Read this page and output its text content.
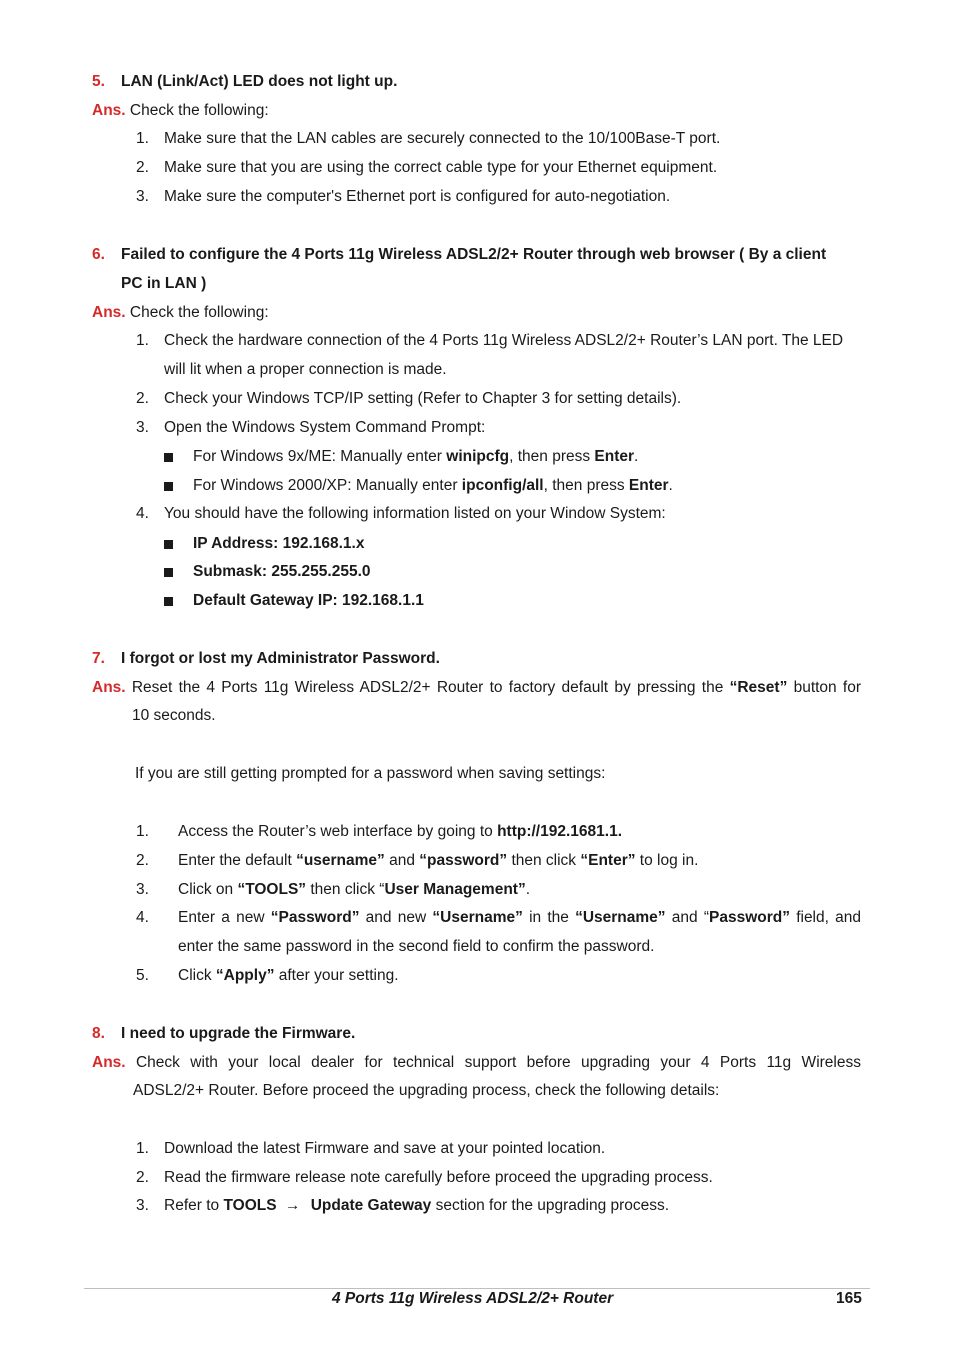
5. LAN (Link/Act) LED does not light up.
Ans. Check the following:
1. Make sure that the LAN cables are securely connected to the 10/100Base-T port.
2. Make sure that you are using the correct cable type for your Ethernet equipment.
3. Make sure the computer's Ethernet port is configured for auto-negotiation.
6. Failed to configure the 4 Ports 11g Wireless ADSL2/2+ Router through web browser ( By a client
PC in LAN )
Ans. Check the following:
1. Check the hardware connection of the 4 Ports 11g Wireless ADSL2/2+ Router’s LAN port. The LED
will lit when a proper connection is made.
2. Check your Windows TCP/IP setting (Refer to Chapter 3 for setting details).
3. Open the Windows System Command Prompt:
For Windows 9x/ME: Manually enter winipcfg, then press Enter.
For Windows 2000/XP: Manually enter ipconfig/all, then press Enter.
4. You should have the following information listed on your Window System:
IP Address: 192.168.1.x
Submask: 255.255.255.0
Default Gateway IP: 192.168.1.1
7. I forgot or lost my Administrator Password.
Ans. Reset the 4 Ports 11g Wireless ADSL2/2+ Router to factory default by pressing the “Reset” button for
10 seconds.
If you are still getting prompted for a password when saving settings:
1. Access the Router’s web interface by going to http://192.1681.1.
2. Enter the default “username” and “password” then click “Enter” to log in.
3. Click on “TOOLS” then click “User Management”.
4. Enter a new “Password” and new “Username” in the “Username” and “Password” field, and
enter the same password in the second field to confirm the password.
5. Click “Apply” after your setting.
8. I need to upgrade the Firmware.
Ans. Check with your local dealer for technical support before upgrading your 4 Ports 11g Wireless
ADSL2/2+ Router. Before proceed the upgrading process, check the following details:
1. Download the latest Firmware and save at your pointed location.
2. Read the firmware release note carefully before proceed the upgrading process.
3. Refer to TOOLS → Update Gateway section for the upgrading process.
4 Ports 11g Wireless ADSL2/2+ Router	165
